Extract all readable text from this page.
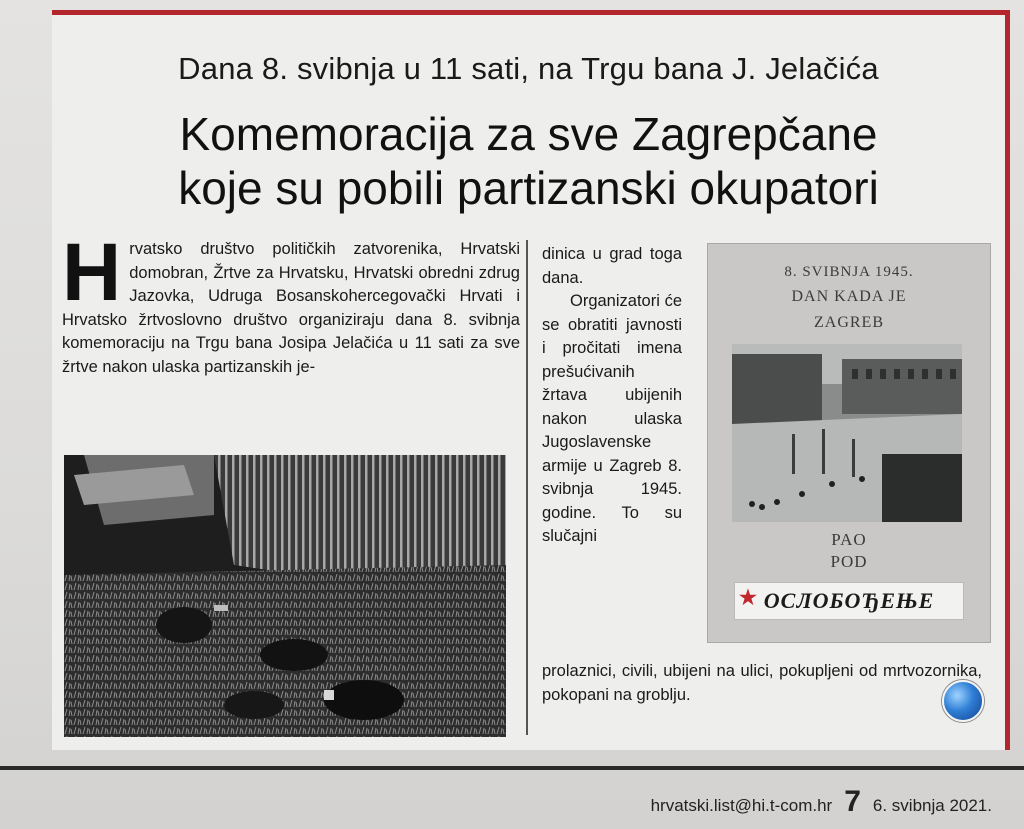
Dana 8. svibnja u 11 sati, na Trgu bana J. Jelačića
Komemoracija za sve Zagrepčane
koje su pobili partizanski okupatori
H rvatsko društvo političkih zatvorenika, Hrvatski domobran, Žrtve za Hrvatsku, Hrvatski obredni zdrug Jazovka, Udruga Bosanskohercegovački Hrvati i Hrvatsko žrtvoslovno društvo organiziraju dana 8. svibnja komemoraciju na Trgu bana Josipa Jelačića u 11 sati za sve žrtve nakon ulaska partizanskih je-

dinica u grad toga dana.

Organizatori će se obratiti javnosti i pročitati imena prešućivanih žrtava ubijenih nakon ulaska Jugoslavenske armije u Zagreb 8. svibnja 1945. godine. To su slučajni

prolaznici, civili, ubijeni na ulici, pokupljeni od mrtvozornika, pokopani na groblju.

8. SVIBNJA 1945.
DAN KADA JE
ZAGREB
PAO
POD
★ ОСЛОБОЂЕЊЕ
hrvatski.list@hi.t-com.hr 7 6. svibnja 2021.
